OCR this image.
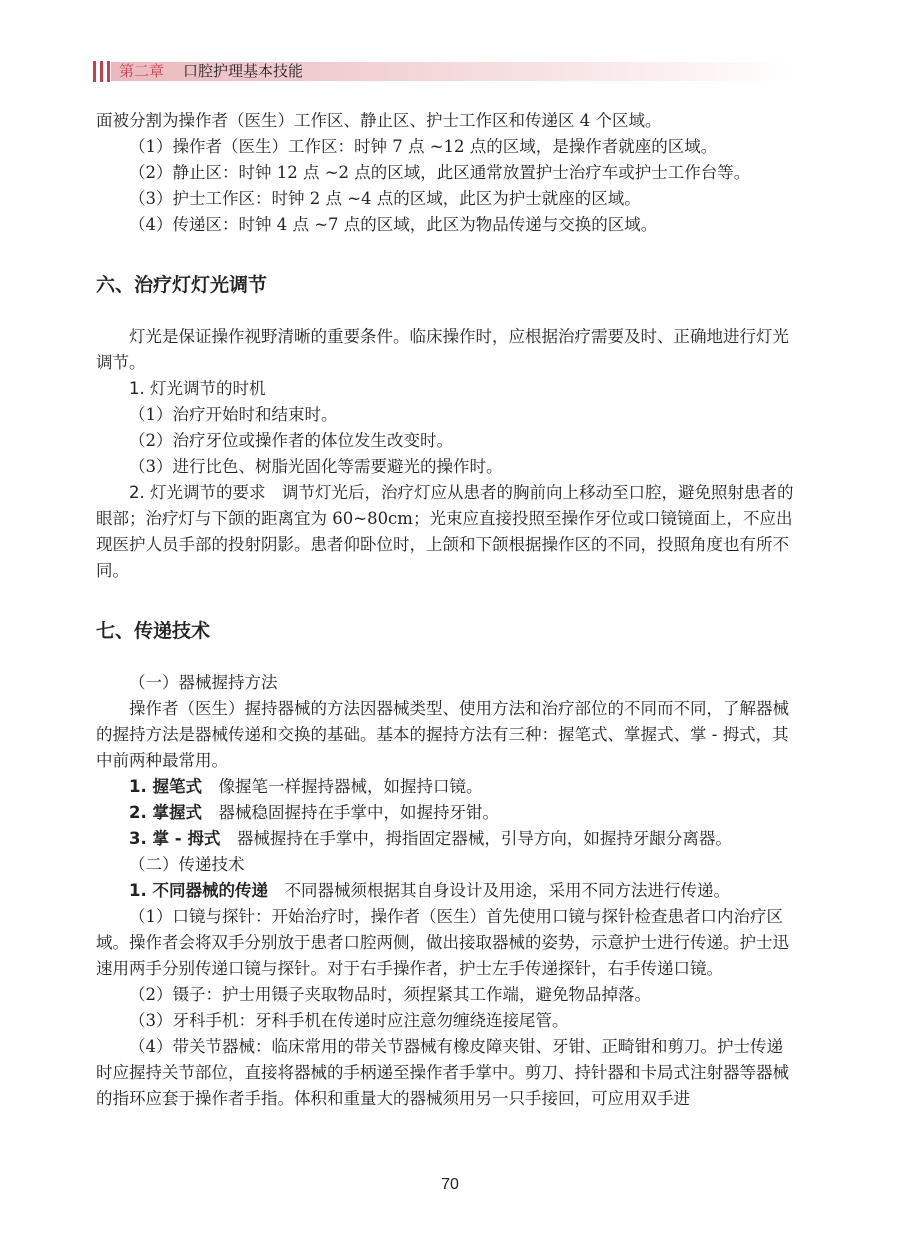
第二章 口腔护理基本技能

面被分割为操作者（医生）工作区、静止区、护士工作区和传递区 4 个区域。

（1）操作者（医生）工作区：时钟 7 点 ~12 点的区域，是操作者就座的区域。

（2）静止区：时钟 12 点 ~2 点的区域，此区通常放置护士治疗车或护士工作台等。

（3）护士工作区：时钟 2 点 ~4 点的区域，此区为护士就座的区域。

（4）传递区：时钟 4 点 ~7 点的区域，此区为物品传递与交换的区域。

六、治疗灯灯光调节

灯光是保证操作视野清晰的重要条件。临床操作时，应根据治疗需要及时、正确地进行灯光调节。

1. 灯光调节的时机

（1）治疗开始时和结束时。

（2）治疗牙位或操作者的体位发生改变时。

（3）进行比色、树脂光固化等需要避光的操作时。

2. 灯光调节的要求  调节灯光后，治疗灯应从患者的胸前向上移动至口腔，避免照射患者的眼部；治疗灯与下颌的距离宜为 60~80cm；光束应直接投照至操作牙位或口镜镜面上，不应出现医护人员手部的投射阴影。患者仰卧位时，上颌和下颌根据操作区的不同，投照角度也有所不同。

七、传递技术

（一）器械握持方法

操作者（医生）握持器械的方法因器械类型、使用方法和治疗部位的不同而不同，了解器械的握持方法是器械传递和交换的基础。基本的握持方法有三种：握笔式、掌握式、掌 - 拇式，其中前两种最常用。

1. 握笔式  像握笔一样握持器械，如握持口镜。

2. 掌握式  器械稳固握持在手掌中，如握持牙钳。

3. 掌 - 拇式  器械握持在手掌中，拇指固定器械，引导方向，如握持牙龈分离器。

（二）传递技术

1. 不同器械的传递  不同器械须根据其自身设计及用途，采用不同方法进行传递。

（1）口镜与探针：开始治疗时，操作者（医生）首先使用口镜与探针检查患者口内治疗区域。操作者会将双手分别放于患者口腔两侧，做出接取器械的姿势，示意护士进行传递。护士迅速用两手分别传递口镜与探针。对于右手操作者，护士左手传递探针，右手传递口镜。

（2）镊子：护士用镊子夹取物品时，须捏紧其工作端，避免物品掉落。

（3）牙科手机：牙科手机在传递时应注意勿缠绕连接尾管。

（4）带关节器械：临床常用的带关节器械有橡皮障夹钳、牙钳、正畸钳和剪刀。护士传递时应握持关节部位，直接将器械的手柄递至操作者手掌中。剪刀、持针器和卡局式注射器等器械的指环应套于操作者手指。体积和重量大的器械须用另一只手接回，可应用双手进

70
